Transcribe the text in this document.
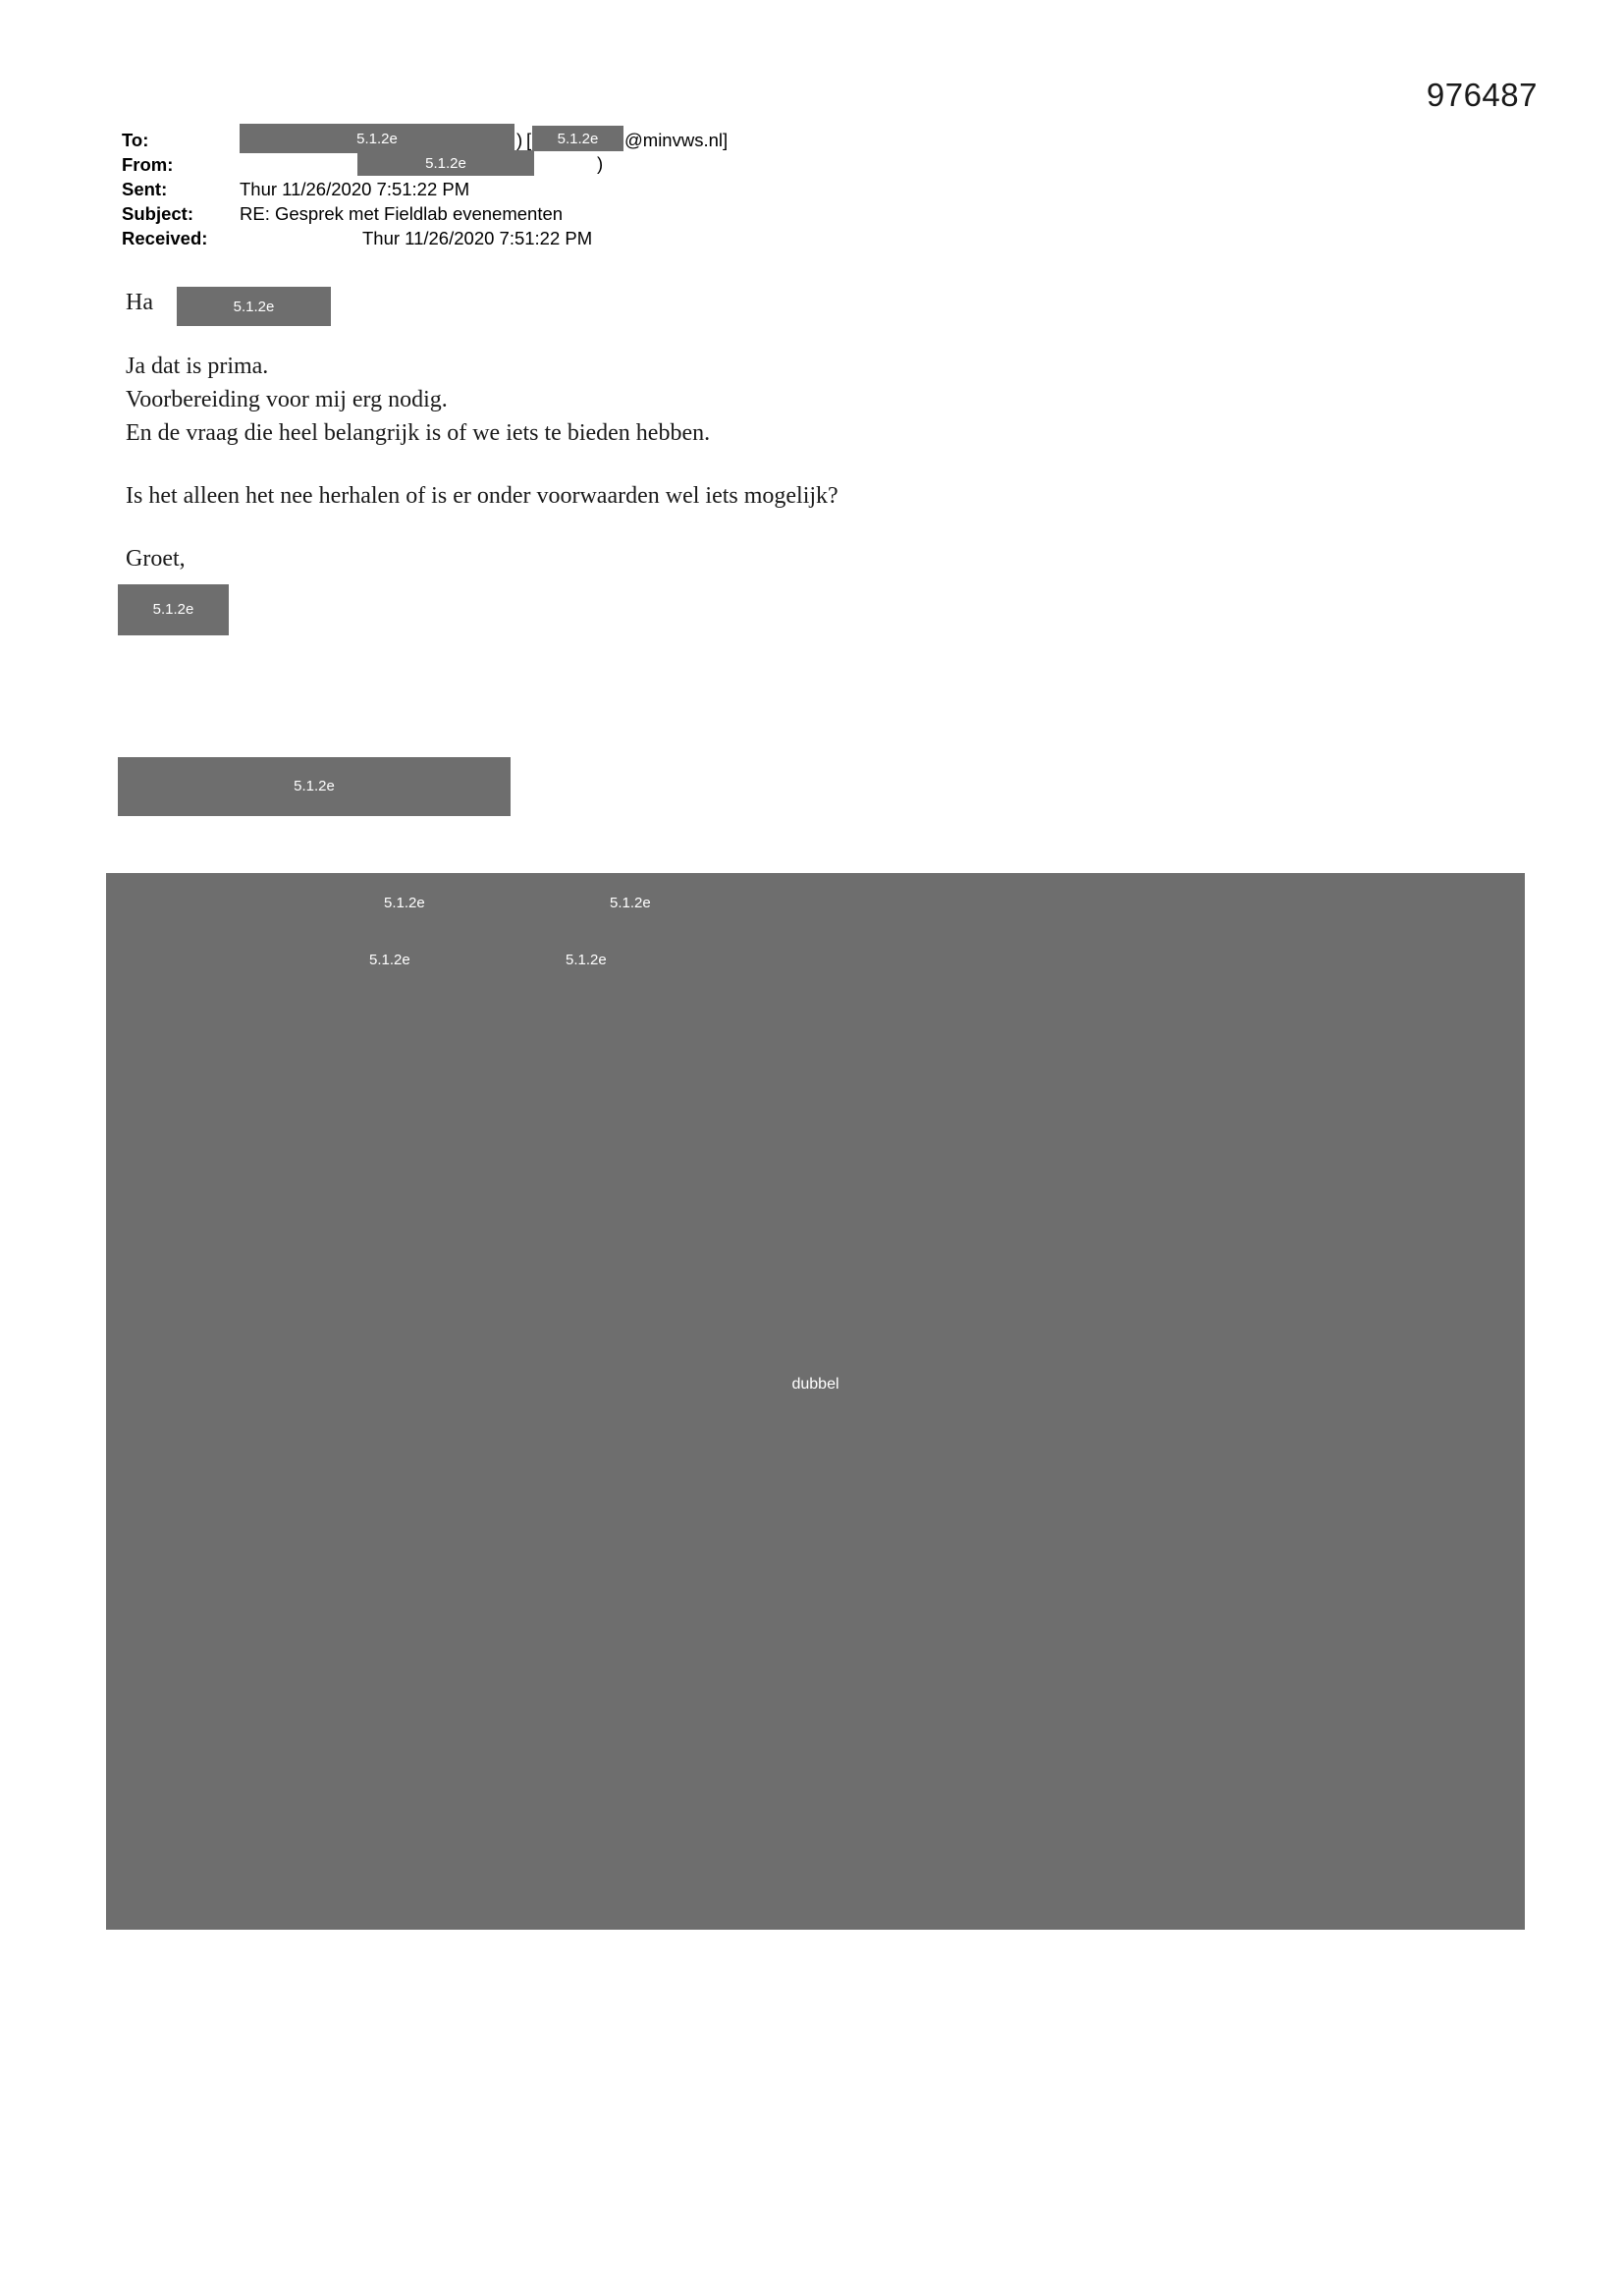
976487
To:	5.1.2e	) [	5.1.2e	@minvws.nl]
From:	5.1.2e	)
Sent:	Thur 11/26/2020 7:51:22 PM
Subject:	RE: Gesprek met Fieldlab evenementen
Received:	Thur 11/26/2020 7:51:22 PM
Ha	5.1.2e
Ja dat is prima.
Voorbereiding voor mij erg nodig.
En de vraag die heel belangrijk is of we iets te bieden hebben.
Is het alleen het nee herhalen of is er onder voorwaarden wel iets mogelijk?
Groet,
5.1.2e
5.1.2e
5.1.2e	5.1.2e
5.1.2e	5.1.2e
dubbel
